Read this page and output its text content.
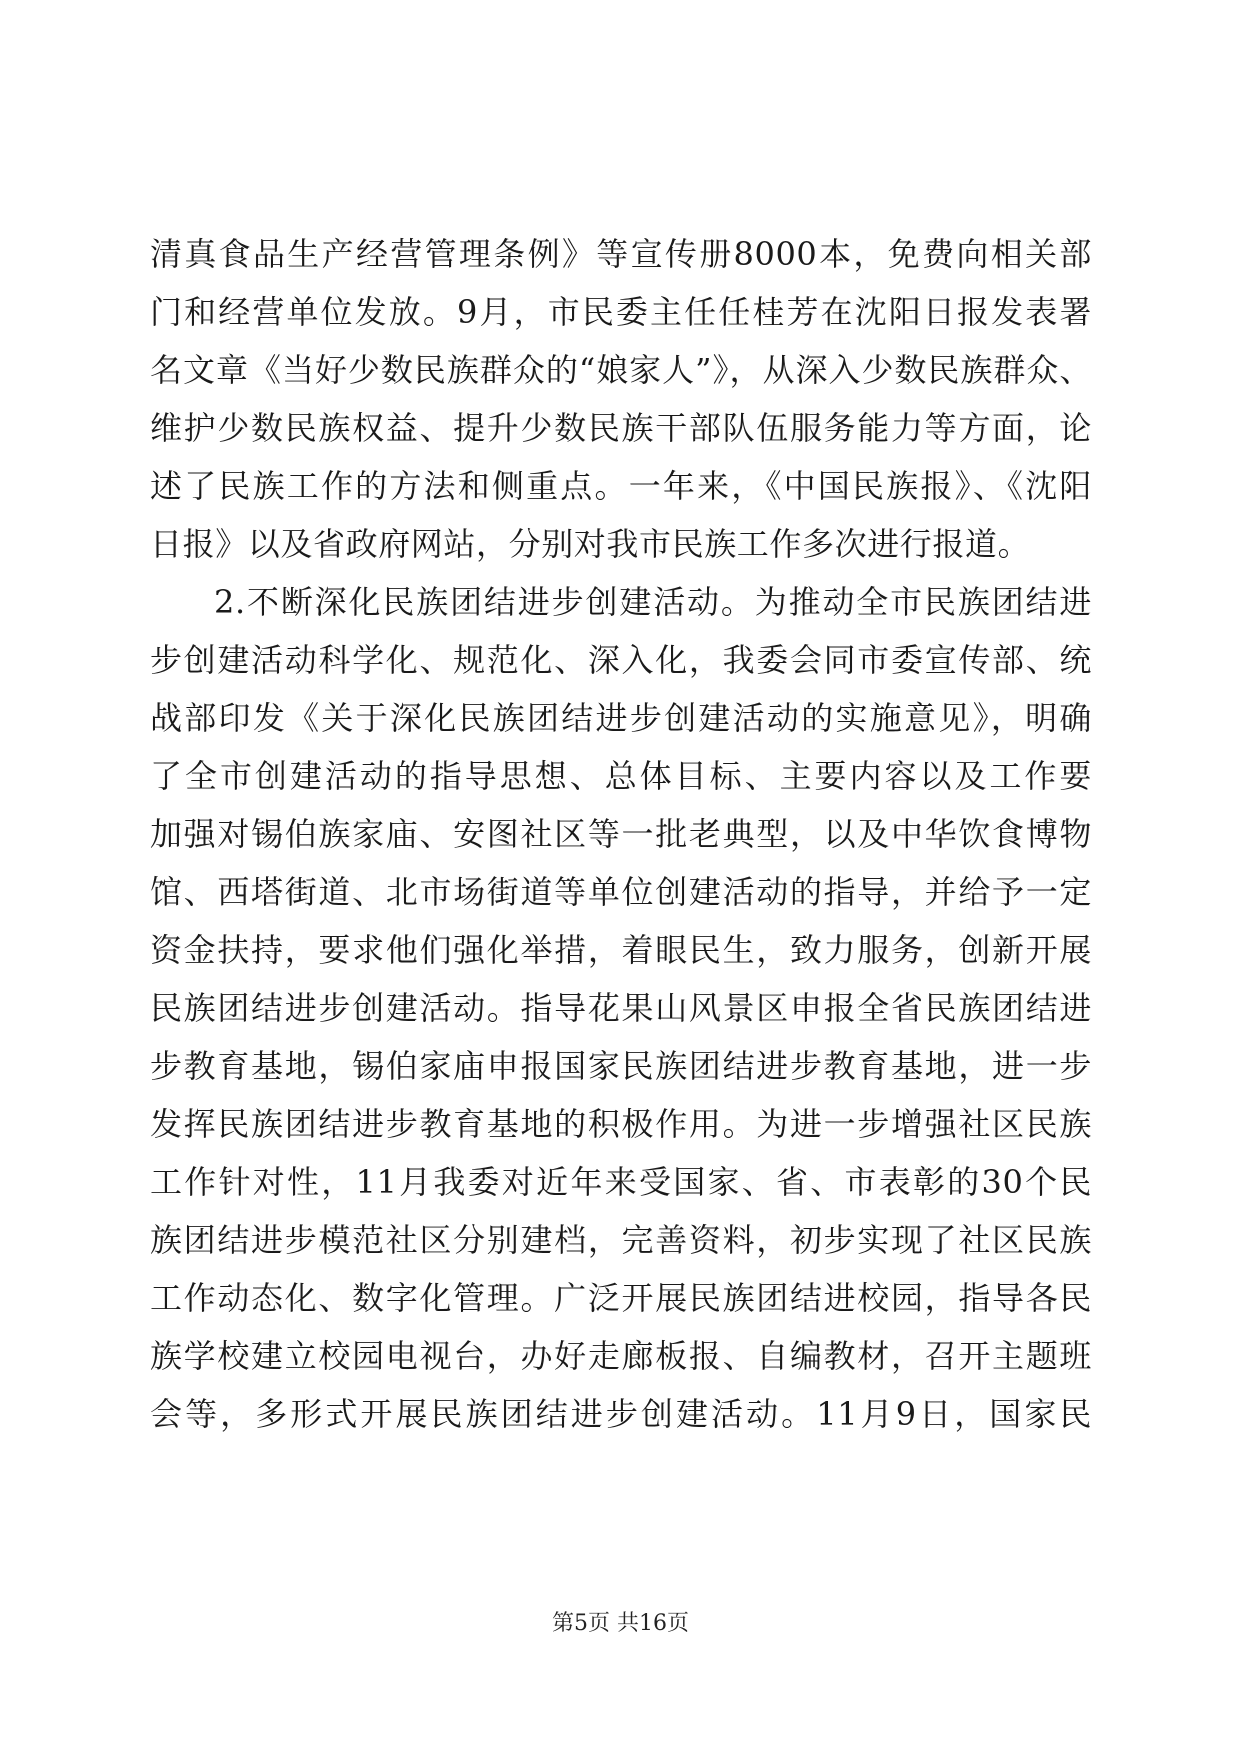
清真食品生产经营管理条例》等宣传册8000本，免费向相关部
门和经营单位发放。9月，市民委主任任桂芳在沈阳日报发表署
名文章《当好少数民族群众的“娘家人”》，从深入少数民族群众、
维护少数民族权益、提升少数民族干部队伍服务能力等方面，论
述了民族工作的方法和侧重点。一年来，《中国民族报》、《沈阳
日报》以及省政府网站，分别对我市民族工作多次进行报道。
2.不断深化民族团结进步创建活动。为推动全市民族团结进
步创建活动科学化、规范化、深入化，我委会同市委宣传部、统
战部印发《关于深化民族团结进步创建活动的实施意见》，明确
了全市创建活动的指导思想、总体目标、主要内容以及工作要
加强对锡伯族家庙、安图社区等一批老典型，以及中华饮食博物
馆、西塔街道、北市场街道等单位创建活动的指导，并给予一定
资金扶持，要求他们强化举措，着眼民生，致力服务，创新开展
民族团结进步创建活动。指导花果山风景区申报全省民族团结进
步教育基地，锡伯家庙申报国家民族团结进步教育基地，进一步
发挥民族团结进步教育基地的积极作用。为进一步增强社区民族
工作针对性，11月我委对近年来受国家、省、市表彰的30个民
族团结进步模范社区分别建档，完善资料，初步实现了社区民族
工作动态化、数字化管理。广泛开展民族团结进校园，指导各民
族学校建立校园电视台，办好走廊板报、自编教材，召开主题班
会等，多形式开展民族团结进步创建活动。11月9日，国家民
第5页 共16页
